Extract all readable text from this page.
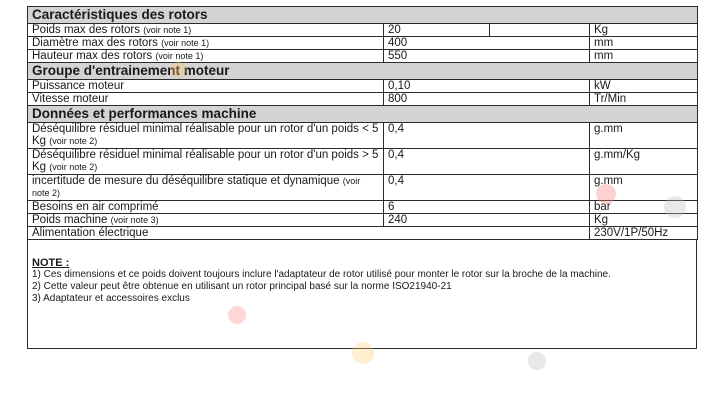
Caractéristiques des rotors			
Poids max des rotors (voir note 1)	20		Kg
Diamètre max des rotors (voir note 1)	400		mm
Hauteur max des rotors (voir note 1)	550		mm
Groupe d'entrainement moteur			
Puissance moteur	0,10		kW
Vitesse moteur	800		Tr/Min
Données et performances machine			
Déséquilibre résiduel minimal réalisable pour un rotor d'un poids < 5 Kg (voir note 2)	0,4		g.mm
Déséquilibre résiduel minimal réalisable pour un rotor d'un poids > 5 Kg (voir note 2)	0,4		g.mm/Kg
incertitude de mesure du déséquilibre statique et dynamique (voir note 2)	0,4		g.mm
Besoins en air comprimé	6		bar
Poids machine (voir note 3)	240		Kg
Alimentation électrique			230V/1P/50Hz
NOTE :

1) Ces dimensions et ce poids doivent toujours inclure l'adaptateur de rotor utilisé pour monter le rotor sur la broche de la machine.

2) Cette valeur peut être obtenue en utilisant un rotor principal basé sur la norme ISO21940-21

3) Adaptateur et accessoires exclus
